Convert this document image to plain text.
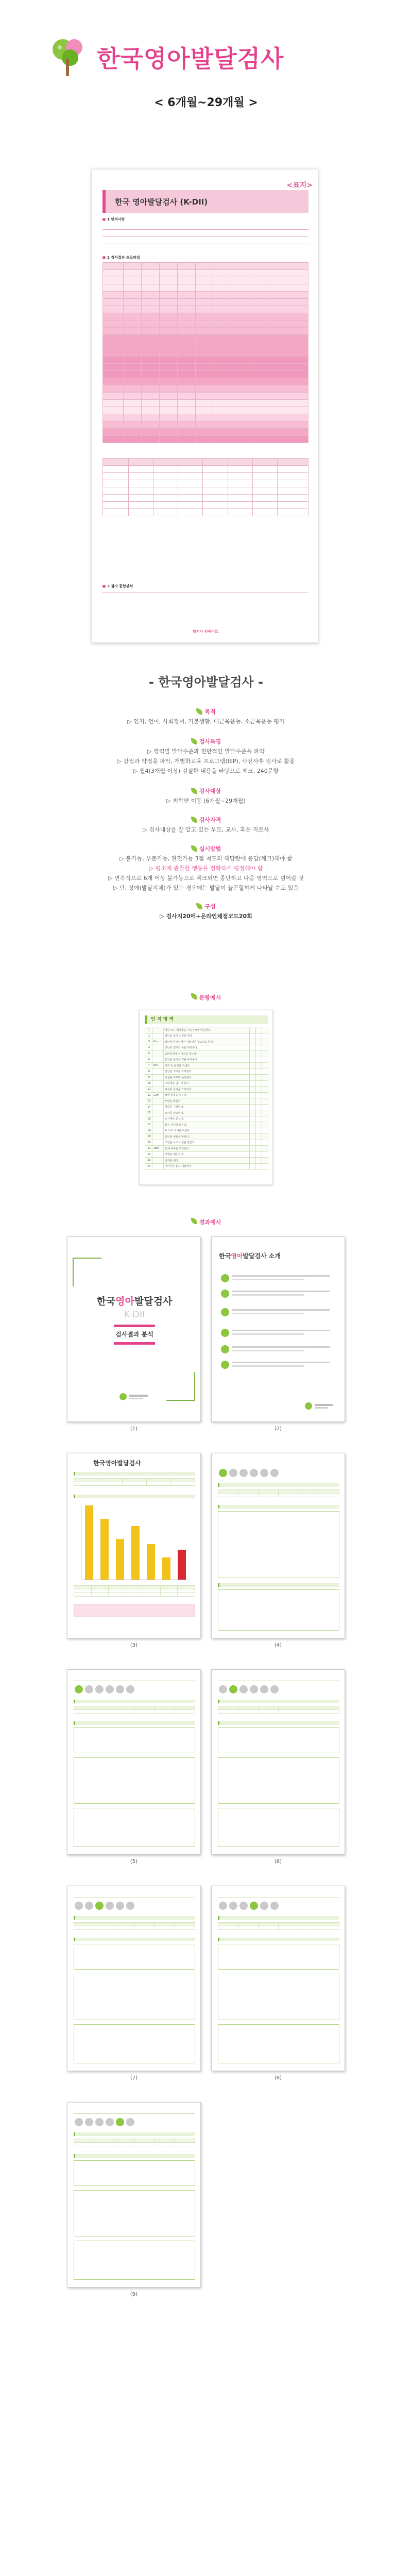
한국영아발달검사
< 6개월~29개월 >
한국 영아발달검사 (K-DII)
<표지>
1 인적사항
2 검사결과 프로파일

3 검사 종합분석
학지사 인싸이트
- 한국영아발달검사 -
목적
▷ 인지, 언어, 사회정서, 기본생활, 대근육운동, 소근육운동 평가
검사특징
▷ 영역별 발달수준과 전반적인 발달수준을 파악
▷ 강점과 약점을 파악, 개별화교육 프로그램(IEP), 사전사후 검사로 활용
▷ 월4(3개월 이상) 검절한 내용을 바탕으로 제크, 240문항
검사대상
▷ 최학연 이동 (6개월~29개월)
검사자격
▷ 검사대상을 잘 알고 있는 부모, 교사, 혹은 직로사
실시방법
▷ 불가능, 부분가능, 완전가능 3점 척도의 해당란에 응답(체크)해야 함
▷ 평소에 관찰한 행동을 정확하게 평정해야 함
▷ 연속적으로 6개 이상 불가능으로 체크되면 종단하고 다음 영역으로 넘어갈 것
▷ 단, 장애(발달지체)가 있는 경우에는 발달이 늘곤할하게 나타날 수도 있음
구성
▷ 검사지20매+온라인채점코드20회
문항예시
인 지 영 역
1		성인 또는 형제들을 자유자극에 반응한다.			
2		장난감 보며 소리를 낸다.			
3	6m	장난감이 시선에서 사라지면 찾으려고 한다.			
4		장난감 떨어진 곳을 쳐다본다.			
5		숨바꼭질에서 미소를 짓는다.			
6		물건을 숨기는 것을 바라본다.			
7	9m	상자 속 물건을 꺼낸다.			
8		간단한 지시를 이해한다.			
9		이름을 부르면 돌아본다.			
10		그림책을 넘기며 본다.			
11		익숙한 물건을 가리킨다.			
12	12m	컵에 블록을 넣는다.			
13		모양을 맞춘다.			
14		색깔을 구별한다.			
15		크기를 비교한다.			
16		순서대로 놓는다.			
17		같은 것끼리 모은다.			
18		두 가지 지시를 따른다.			
19		간단한 퍼즐을 맞춘다.			
20		그림을 보고 이름을 말한다.			
21	18m	신체 부위를 가리킨다.			
22		역할놀이를 한다.			
23		숫자를 센다.			
24		이야기를 듣고 대답한다.			
결과예시
한국영아발달검사
K-DII
검사결과 분석
(1)
한국영아발달검사 소개
(2)
한국영아발달검사

(3)

						(4)

(5)

						(6)

(7)

						(8)

(9)
